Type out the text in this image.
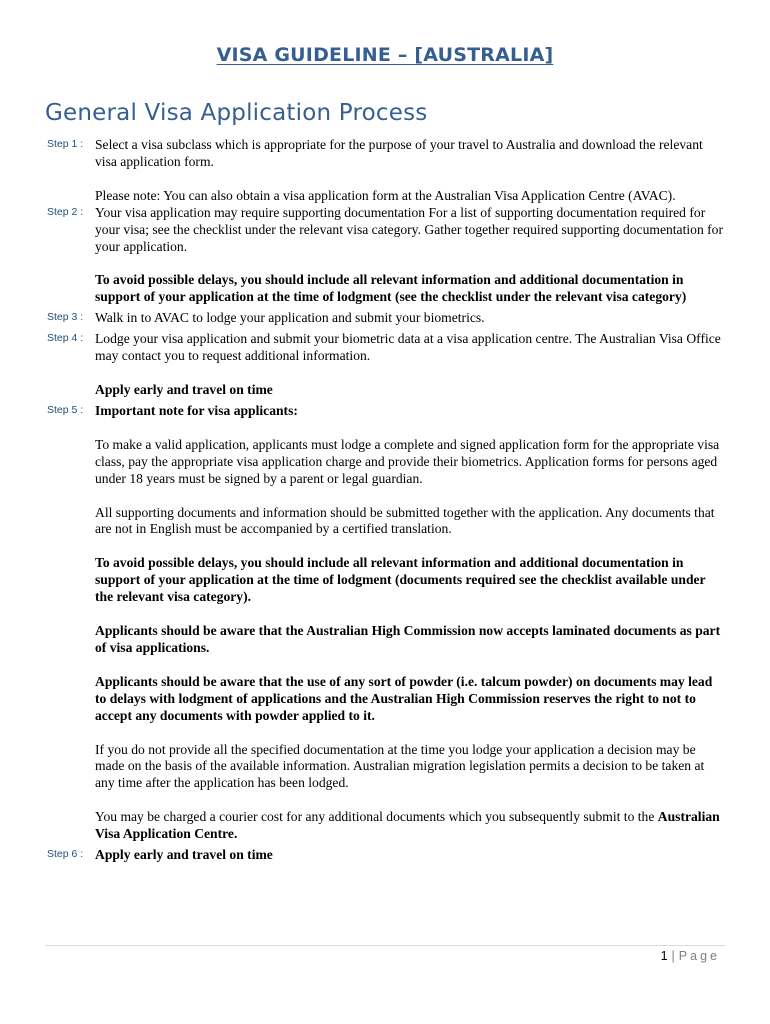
VISA GUIDELINE – [AUSTRALIA]
General Visa Application Process
Step 1 : Select a visa subclass which is appropriate for the purpose of your travel to Australia and download the relevant visa application form.
Please note: You can also obtain a visa application form at the Australian Visa Application Centre (AVAC).
Step 2 : Your visa application may require supporting documentation For a list of supporting documentation required for your visa; see the checklist under the relevant visa category. Gather together required supporting documentation for your application.
To avoid possible delays, you should include all relevant information and additional documentation in support of your application at the time of lodgment (see the checklist under the relevant visa category)
Step 3 : Walk in to AVAC to lodge your application and submit your biometrics.
Step 4 : Lodge your visa application and submit your biometric data at a visa application centre. The Australian Visa Office may contact you to request additional information.
Apply early and travel on time
Step 5 : Important note for visa applicants:
To make a valid application, applicants must lodge a complete and signed application form for the appropriate visa class, pay the appropriate visa application charge and provide their biometrics. Application forms for persons aged under 18 years must be signed by a parent or legal guardian.
All supporting documents and information should be submitted together with the application. Any documents that are not in English must be accompanied by a certified translation.
To avoid possible delays, you should include all relevant information and additional documentation in support of your application at the time of lodgment (documents required see the checklist available under the relevant visa category).
Applicants should be aware that the Australian High Commission now accepts laminated documents as part of visa applications.
Applicants should be aware that the use of any sort of powder (i.e. talcum powder) on documents may lead to delays with lodgment of applications and the Australian High Commission reserves the right to not to accept any documents with powder applied to it.
If you do not provide all the specified documentation at the time you lodge your application a decision may be made on the basis of the available information. Australian migration legislation permits a decision to be taken at any time after the application has been lodged.
You may be charged a courier cost for any additional documents which you subsequently submit to the Australian Visa Application Centre.
Step 6 : Apply early and travel on time
1 | Page
